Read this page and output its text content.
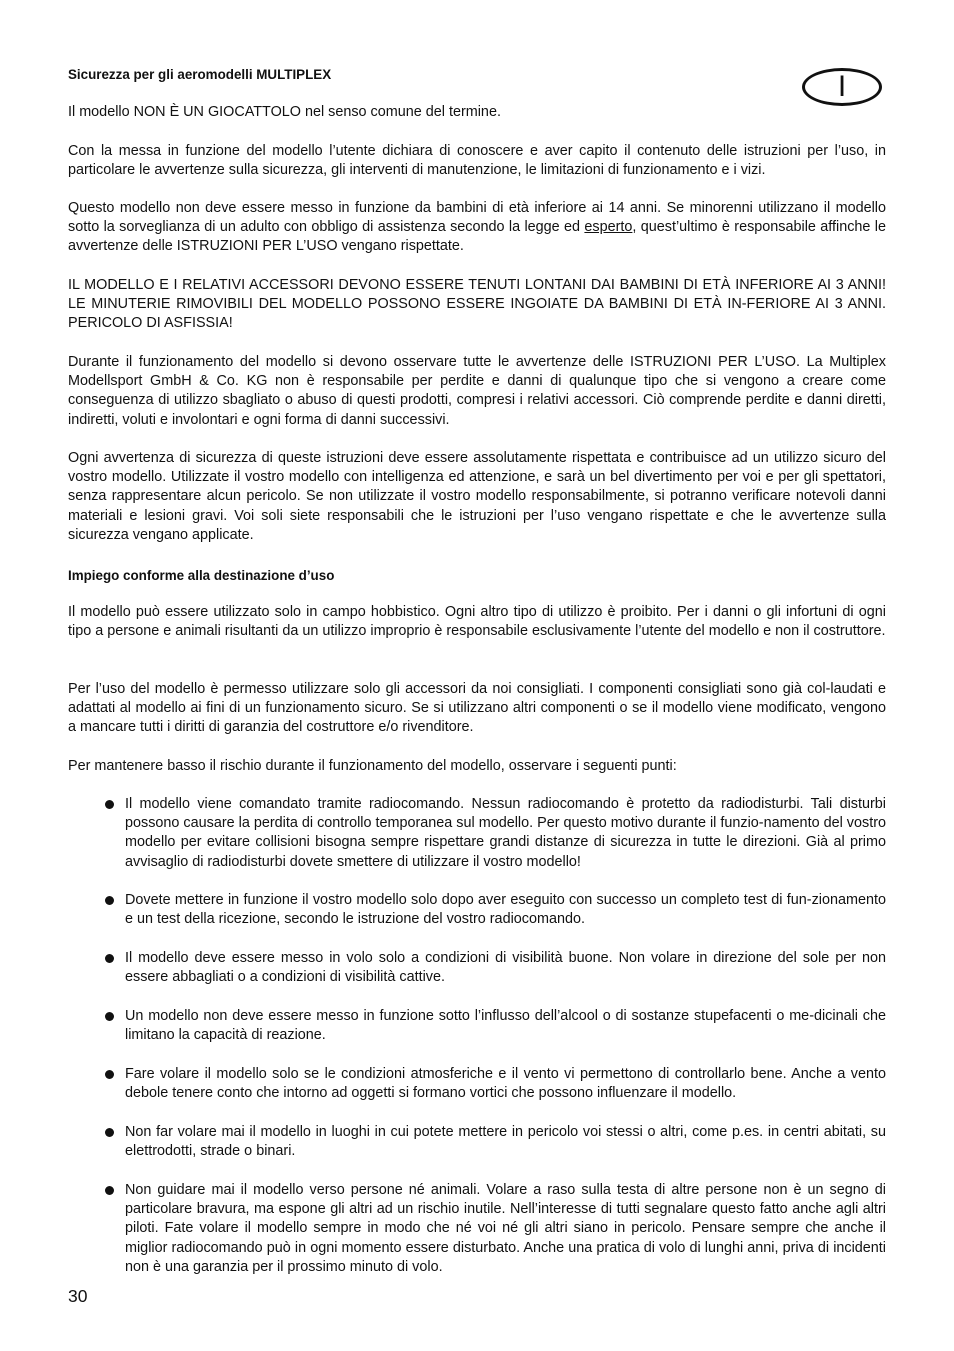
I
Sicurezza per gli aeromodelli MULTIPLEX

Il modello NON È UN GIOCATTOLO nel senso comune del termine.

Con la messa in funzione del modello l’utente dichiara di conoscere e aver capito il contenuto delle istruzioni per l’uso, in particolare le avvertenze sulla sicurezza, gli interventi di manutenzione, le limitazioni di funzionamento e i vizi.

Questo modello non deve essere messo in funzione da bambini di età inferiore ai 14 anni. Se minorenni utilizzano il modello sotto la sorveglianza di un adulto con obbligo di assistenza secondo la legge ed esperto, quest’ultimo è responsabile affinche le avvertenze delle ISTRUZIONI PER L’USO vengano rispettate.

IL MODELLO E I RELATIVI ACCESSORI DEVONO ESSERE TENUTI LONTANI DAI BAMBINI DI ETÀ INFERIORE AI 3 ANNI! LE MINUTERIE RIMOVIBILI DEL MODELLO POSSONO ESSERE INGOIATE DA BAMBINI DI ETÀ IN-FERIORE AI 3 ANNI. PERICOLO DI ASFISSIA!

Durante il funzionamento del modello si devono osservare tutte le avvertenze delle ISTRUZIONI PER L’USO. La Multiplex Modellsport GmbH & Co. KG non è responsabile per perdite e danni di qualunque tipo che si vengono a creare come conseguenza di utilizzo sbagliato o abuso di questi prodotti, compresi i relativi accessori. Ciò comprende perdite e danni diretti, indiretti, voluti e involontari e ogni forma di danni successivi.

Ogni avvertenza di sicurezza di queste istruzioni deve essere assolutamente rispettata e contribuisce ad un utilizzo sicuro del vostro modello. Utilizzate il vostro modello con intelligenza ed attenzione, e sarà un bel divertimento per voi e per gli spettatori, senza rappresentare alcun pericolo. Se non utilizzate il vostro modello responsabilmente, si potranno verificare notevoli danni materiali e lesioni gravi. Voi soli siete responsabili che le istruzioni per l’uso vengano rispettate e che le avvertenze sulla sicurezza vengano applicate.

Impiego conforme alla destinazione d’uso

Il modello può essere utilizzato solo in campo hobbistico. Ogni altro tipo di utilizzo è proibito. Per i danni o gli infortuni di ogni tipo a persone e animali risultanti da un utilizzo improprio è responsabile esclusivamente l’utente del modello e non il costruttore.

Per l’uso del modello è permesso utilizzare solo gli accessori da noi consigliati. I componenti consigliati sono già col-laudati e adattati al modello ai fini di un funzionamento sicuro. Se si utilizzano altri componenti o se il modello viene modificato, vengono a mancare tutti i diritti di garanzia del costruttore e/o rivenditore.

Per mantenere basso il rischio durante il funzionamento del modello, osservare i seguenti punti:

Il modello viene comandato tramite radiocomando. Nessun radiocomando è protetto da radiodisturbi. Tali disturbi possono causare la perdita di controllo temporanea sul modello. Per questo motivo durante il funzio-namento del vostro modello per evitare collisioni bisogna sempre rispettare grandi distanze di sicurezza in tutte le direzioni. Già al primo avvisaglio di radiodisturbi dovete smettere di utilizzare il vostro modello!

Dovete mettere in funzione il vostro modello solo dopo aver eseguito con successo un completo test di fun-zionamento e un test della ricezione, secondo le istruzione del vostro radiocomando.

Il modello deve essere messo in volo solo a condizioni di visibilità buone. Non volare in direzione del sole per non essere abbagliati o a condizioni di visibilità cattive.

Un modello non deve essere messo in funzione sotto l’influsso dell’alcool o di sostanze stupefacenti o me-dicinali che limitano la capacità di reazione.

Fare volare il modello solo se le condizioni atmosferiche e il vento vi permettono di controllarlo bene. Anche a vento debole tenere conto che intorno ad oggetti si formano vortici che possono influenzare il modello.

Non far volare mai il modello in luoghi in cui potete mettere in pericolo voi stessi o altri, come p.es. in centri abitati, su elettrodotti, strade o binari.

Non guidare mai il modello verso persone né animali. Volare a raso sulla testa di altre persone non è un segno di particolare bravura, ma espone gli altri ad un rischio inutile. Nell’interesse di tutti segnalare questo fatto anche agli altri piloti. Fate volare il modello sempre in modo che né voi né gli altri siano in pericolo. Pensare sempre che anche il miglior radiocomando può in ogni momento essere disturbato. Anche una pratica di volo di lunghi anni, priva di incidenti non è una garanzia per il prossimo minuto di volo.

30
